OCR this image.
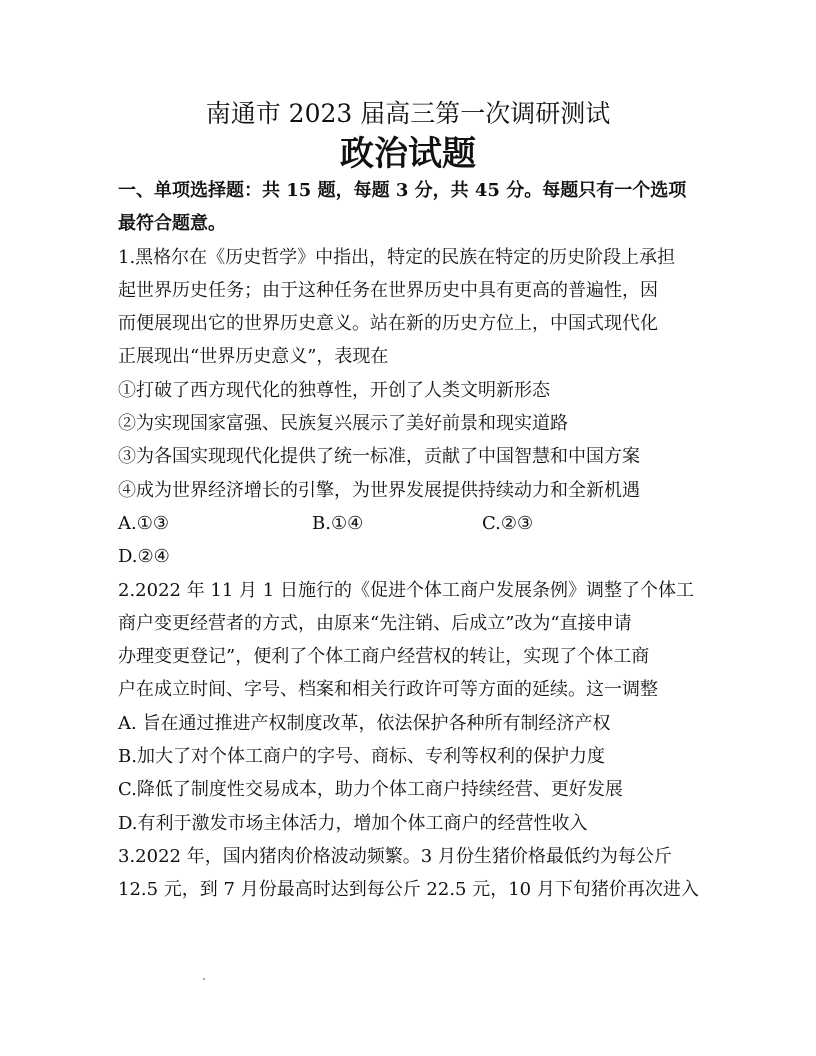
南通市 2023 届高三第一次调研测试
政治试题
一、单项选择题：共 15 题，每题 3 分，共 45 分。每题只有一个选项
最符合题意。
1.黑格尔在《历史哲学》中指出，特定的民族在特定的历史阶段上承担
起世界历史任务；由于这种任务在世界历史中具有更高的普遍性，因
而便展现出它的世界历史意义。站在新的历史方位上，中国式现代化
正展现出“世界历史意义”，表现在
①打破了西方现代化的独尊性，开创了人类文明新形态
②为实现国家富强、民族复兴展示了美好前景和现实道路
③为各国实现现代化提供了统一标准，贡献了中国智慧和中国方案
④成为世界经济增长的引擎，为世界发展提供持续动力和全新机遇
A.①③	B.①④	C.②③
D.②④
2.2022 年 11 月 1 日施行的《促进个体工商户发展条例》调整了个体工
商户变更经营者的方式，由原来“先注销、后成立”改为“直接申请
办理变更登记”，便利了个体工商户经营权的转让，实现了个体工商
户在成立时间、字号、档案和相关行政许可等方面的延续。这一调整
A. 旨在通过推进产权制度改革，依法保护各种所有制经济产权
B.加大了对个体工商户的字号、商标、专利等权利的保护力度
C.降低了制度性交易成本，助力个体工商户持续经营、更好发展
D.有利于激发市场主体活力，增加个体工商户的经营性收入
3.2022 年，国内猪肉价格波动频繁。3 月份生猪价格最低约为每公斤
12.5 元，到 7 月份最高时达到每公斤 22.5 元，10 月下旬猪价再次进入
